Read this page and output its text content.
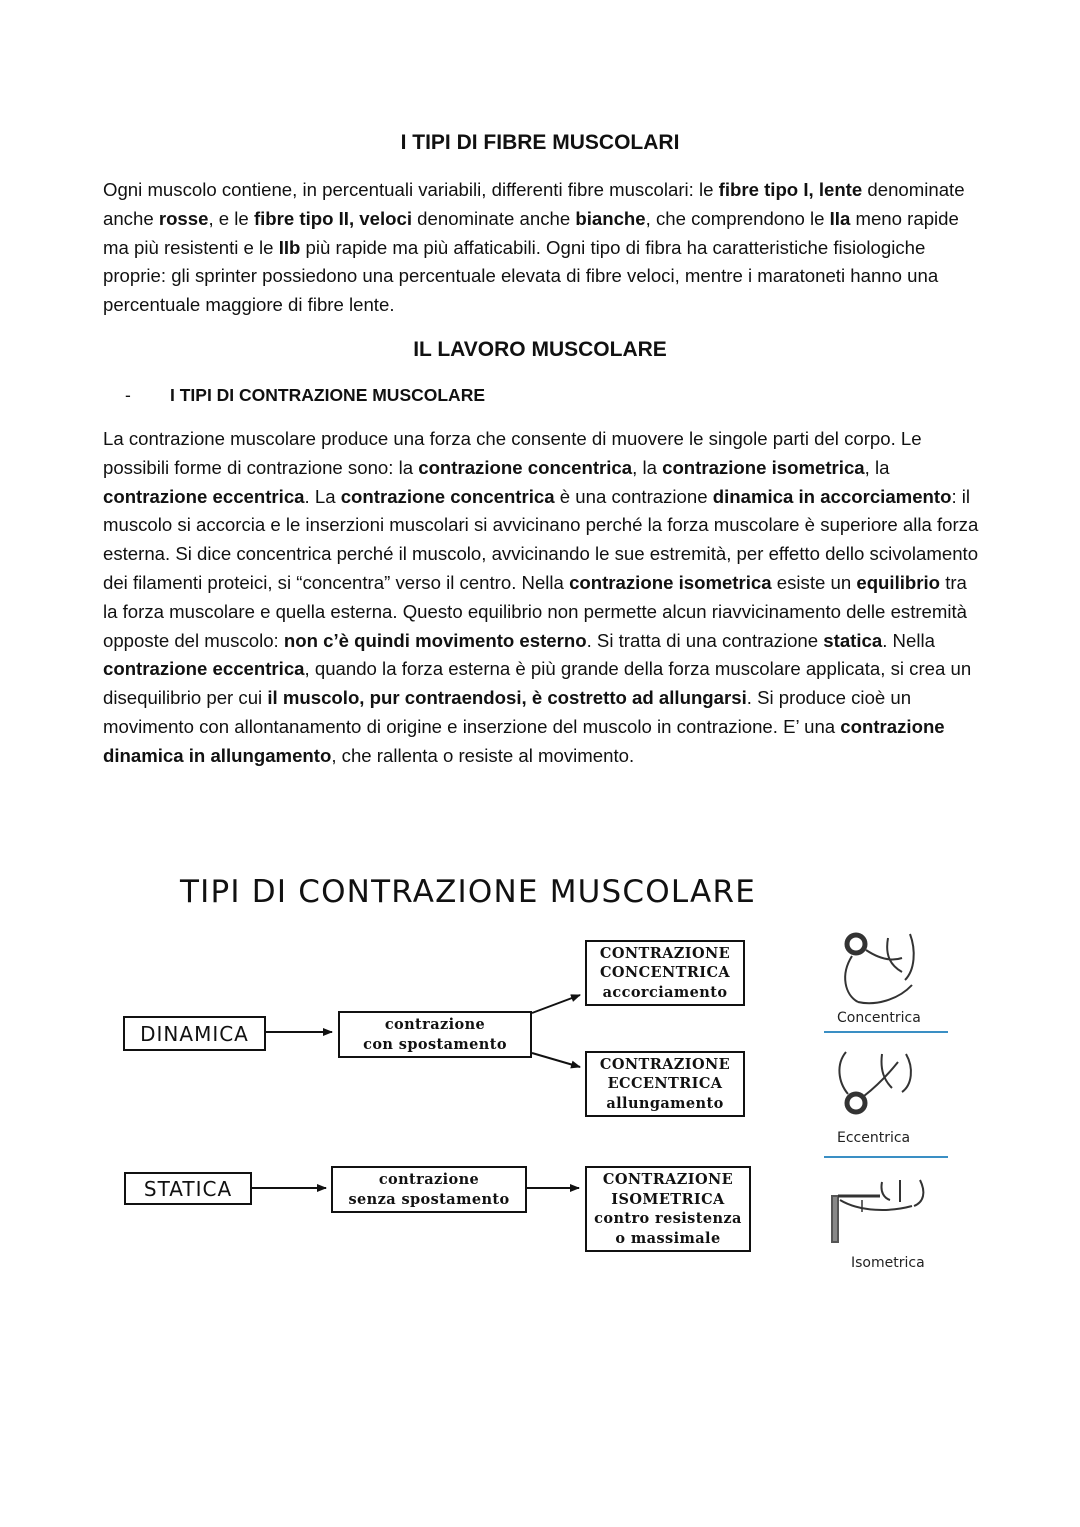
I TIPI DI FIBRE MUSCOLARI

Ogni muscolo contiene, in percentuali variabili, differenti fibre muscolari: le fibre tipo I, lente denominate anche rosse, e le fibre tipo II, veloci denominate anche bianche, che comprendono le IIa meno rapide ma più resistenti e le IIb più rapide ma più affaticabili. Ogni tipo di fibra ha caratteristiche fisiologiche proprie: gli sprinter possiedono una percentuale elevata di fibre veloci, mentre i maratoneti hanno una percentuale maggiore di fibre lente.

IL LAVORO MUSCOLARE

- I TIPI DI CONTRAZIONE MUSCOLARE

La contrazione muscolare produce una forza che consente di muovere le singole parti del corpo. Le possibili forme di contrazione sono: la contrazione concentrica, la contrazione isometrica, la contrazione eccentrica. La contrazione concentrica è una contrazione dinamica in accorciamento: il muscolo si accorcia e le inserzioni muscolari si avvicinano perché la forza muscolare è superiore alla forza esterna. Si dice concentrica perché il muscolo, avvicinando le sue estremità, per effetto dello scivolamento dei filamenti proteici, si “concentra” verso il centro. Nella contrazione isometrica esiste un equilibrio tra la forza muscolare e quella esterna. Questo equilibrio non permette alcun riavvicinamento delle estremità opposte del muscolo: non c’è quindi movimento esterno. Si tratta di una contrazione statica. Nella contrazione eccentrica, quando la forza esterna è più grande della forza muscolare applicata, si crea un disequilibrio per cui il muscolo, pur contraendosi, è costretto ad allungarsi. Si produce cioè un movimento con allontanamento di origine e inserzione del muscolo in contrazione. E’ una contrazione dinamica in allungamento, che rallenta o resiste al movimento.

TIPI DI CONTRAZIONE MUSCOLARE
DINAMICA
STATICA
contrazione
con spostamento
contrazione
senza spostamento
CONTRAZIONE
CONCENTRICA
accorciamento
CONTRAZIONE
ECCENTRICA
allungamento
CONTRAZIONE
ISOMETRICA
contro resistenza
o massimale
Concentrica
Eccentrica
Isometrica
